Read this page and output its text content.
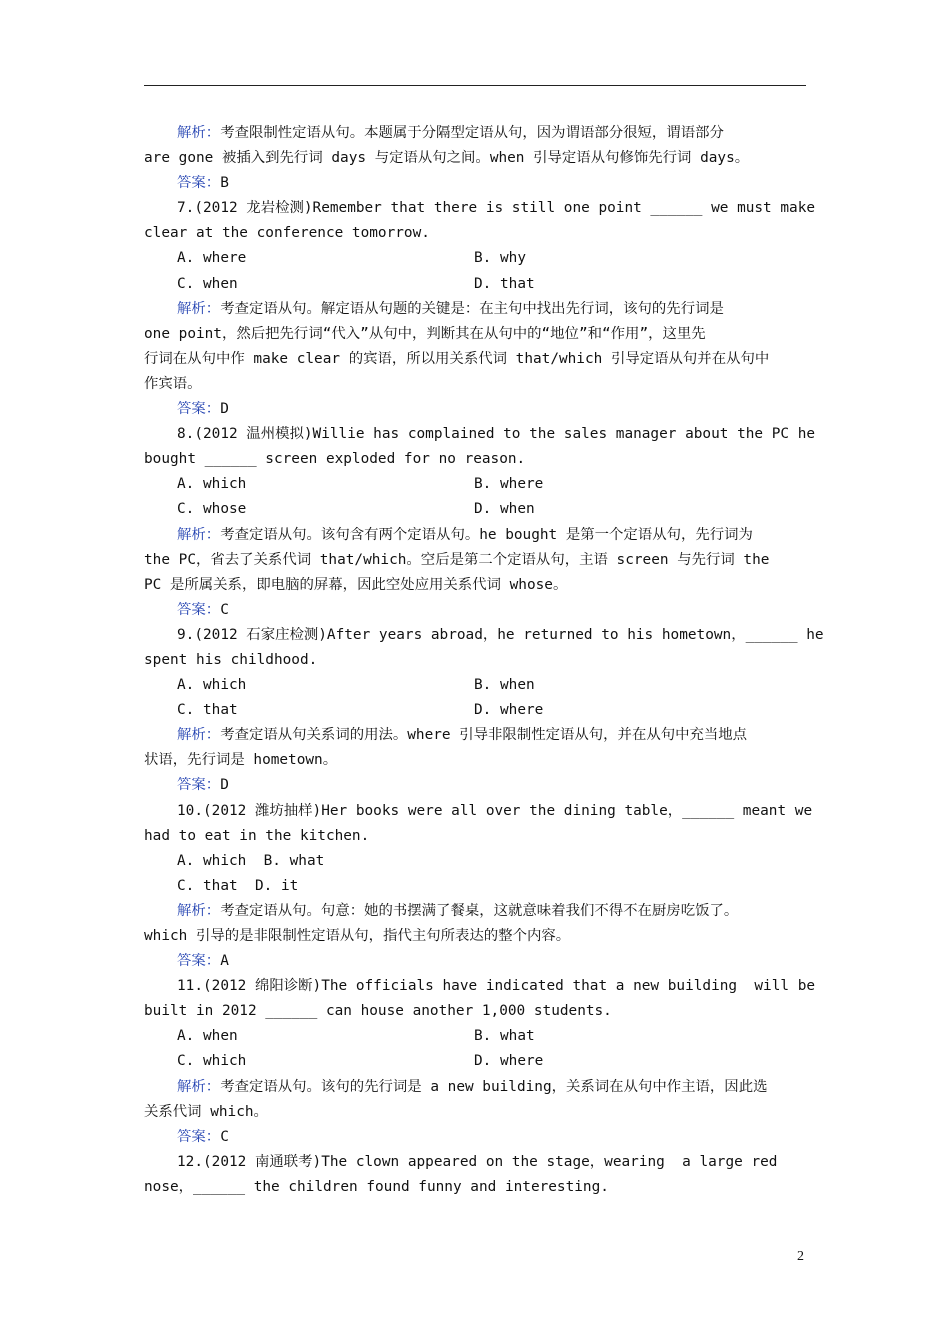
解析：考查限制性定语从句。本题属于分隔型定语从句，因为谓语部分很短，谓语部分
are gone 被插入到先行词 days 与定语从句之间。when 引导定语从句修饰先行词 days。
答案：B
7.(2012 龙岩检测)Remember that there is still one point ______ we must make
clear at the conference tomorrow.
A. where	B. why
C. when	D. that
解析：考查定语从句。解定语从句题的关键是：在主句中找出先行词，该句的先行词是
one point，然后把先行词“代入”从句中，判断其在从句中的“地位”和“作用”，这里先
行词在从句中作 make clear 的宾语，所以用关系代词 that/which 引导定语从句并在从句中
作宾语。
答案：D
8.(2012 温州模拟)Willie has complained to the sales manager about the PC he
bought ______ screen exploded for no reason.
A. which	B. where
C. whose	D. when
解析：考查定语从句。该句含有两个定语从句。he bought 是第一个定语从句，先行词为
the PC，省去了关系代词 that/which。空后是第二个定语从句，主语 screen 与先行词 the
PC 是所属关系，即电脑的屏幕，因此空处应用关系代词 whose。
答案：C
9.(2012 石家庄检测)After years abroad，he returned to his hometown，______ he
spent his childhood.
A. which	B. when
C. that	D. where
解析：考查定语从句关系词的用法。where 引导非限制性定语从句，并在从句中充当地点
状语，先行词是 hometown。
答案：D
10.(2012 潍坊抽样)Her books were all over the dining table，______ meant we
had to eat in the kitchen.
A. which  B. what
C. that  D. it
解析：考查定语从句。句意：她的书摆满了餐桌，这就意味着我们不得不在厨房吃饭了。
which 引导的是非限制性定语从句，指代主句所表达的整个内容。
答案：A
11.(2012 绵阳诊断)The officials have indicated that a new building  will be
built in 2012 ______ can house another 1,000 students.
A. when	B. what
C. which	D. where
解析：考查定语从句。该句的先行词是 a new building，关系词在从句中作主语，因此选
关系代词 which。
答案：C
12.(2012 南通联考)The clown appeared on the stage，wearing  a large red
nose，______ the children found funny and interesting.
2
